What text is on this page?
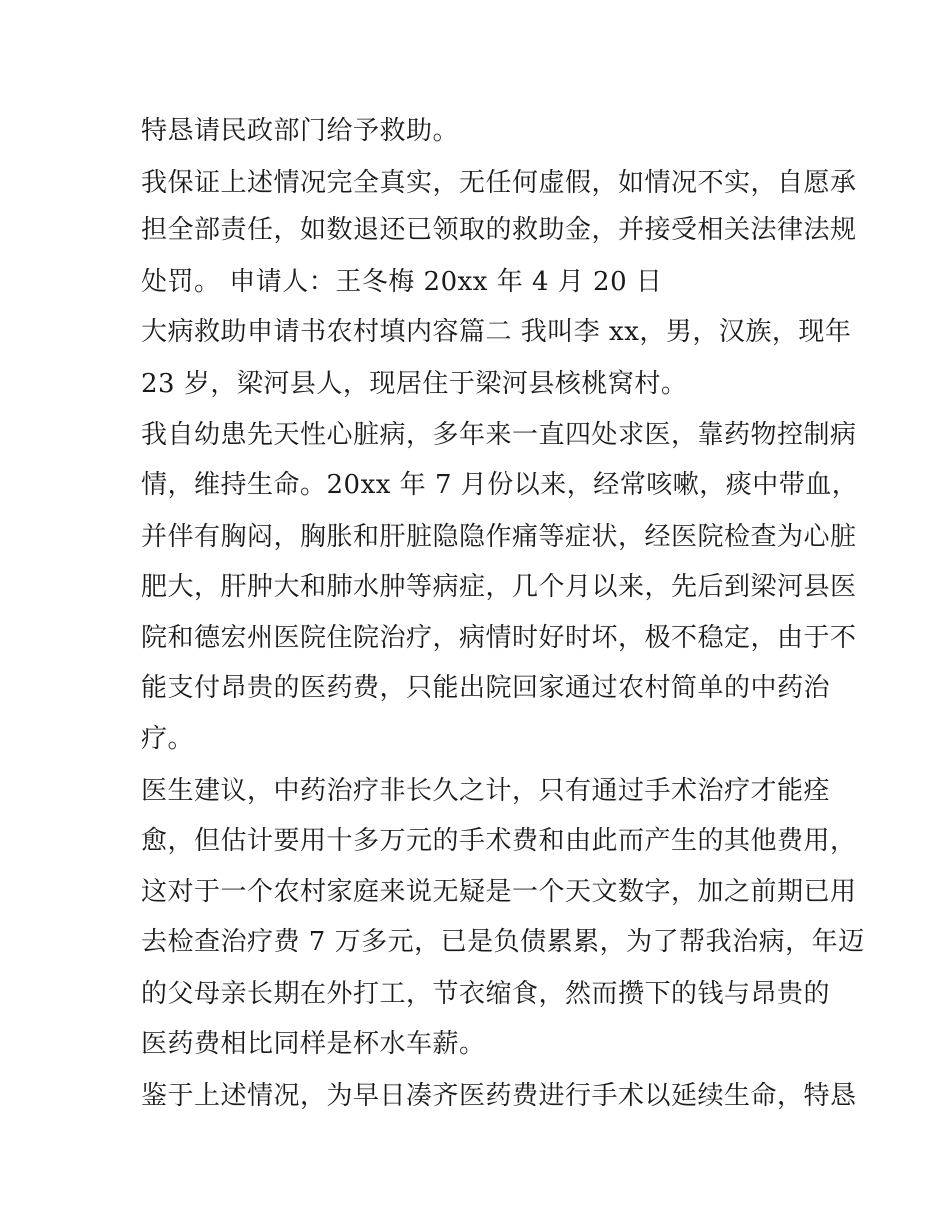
特恳请民政部门给予救助。
我保证上述情况完全真实，无任何虚假，如情况不实，自愿承
担全部责任，如数退还已领取的救助金，并接受相关法律法规
处罚。 申请人：王冬梅 20xx 年 4 月 20 日
大病救助申请书农村填内容篇二 我叫李 xx，男，汉族，现年
23 岁，梁河县人，现居住于梁河县核桃窝村。
我自幼患先天性心脏病，多年来一直四处求医，靠药物控制病
情，维持生命。20xx 年 7 月份以来，经常咳嗽，痰中带血，
并伴有胸闷，胸胀和肝脏隐隐作痛等症状，经医院检查为心脏
肥大，肝肿大和肺水肿等病症，几个月以来，先后到梁河县医
院和德宏州医院住院治疗，病情时好时坏，极不稳定，由于不
能支付昂贵的医药费，只能出院回家通过农村简单的中药治
疗。
医生建议，中药治疗非长久之计，只有通过手术治疗才能痊
愈，但估计要用十多万元的手术费和由此而产生的其他费用，
这对于一个农村家庭来说无疑是一个天文数字，加之前期已用
去检查治疗费 7 万多元，已是负债累累，为了帮我治病，年迈
的父母亲长期在外打工，节衣缩食，然而攒下的钱与昂贵的
医药费相比同样是杯水车薪。
鉴于上述情况，为早日凑齐医药费进行手术以延续生命，特恳
